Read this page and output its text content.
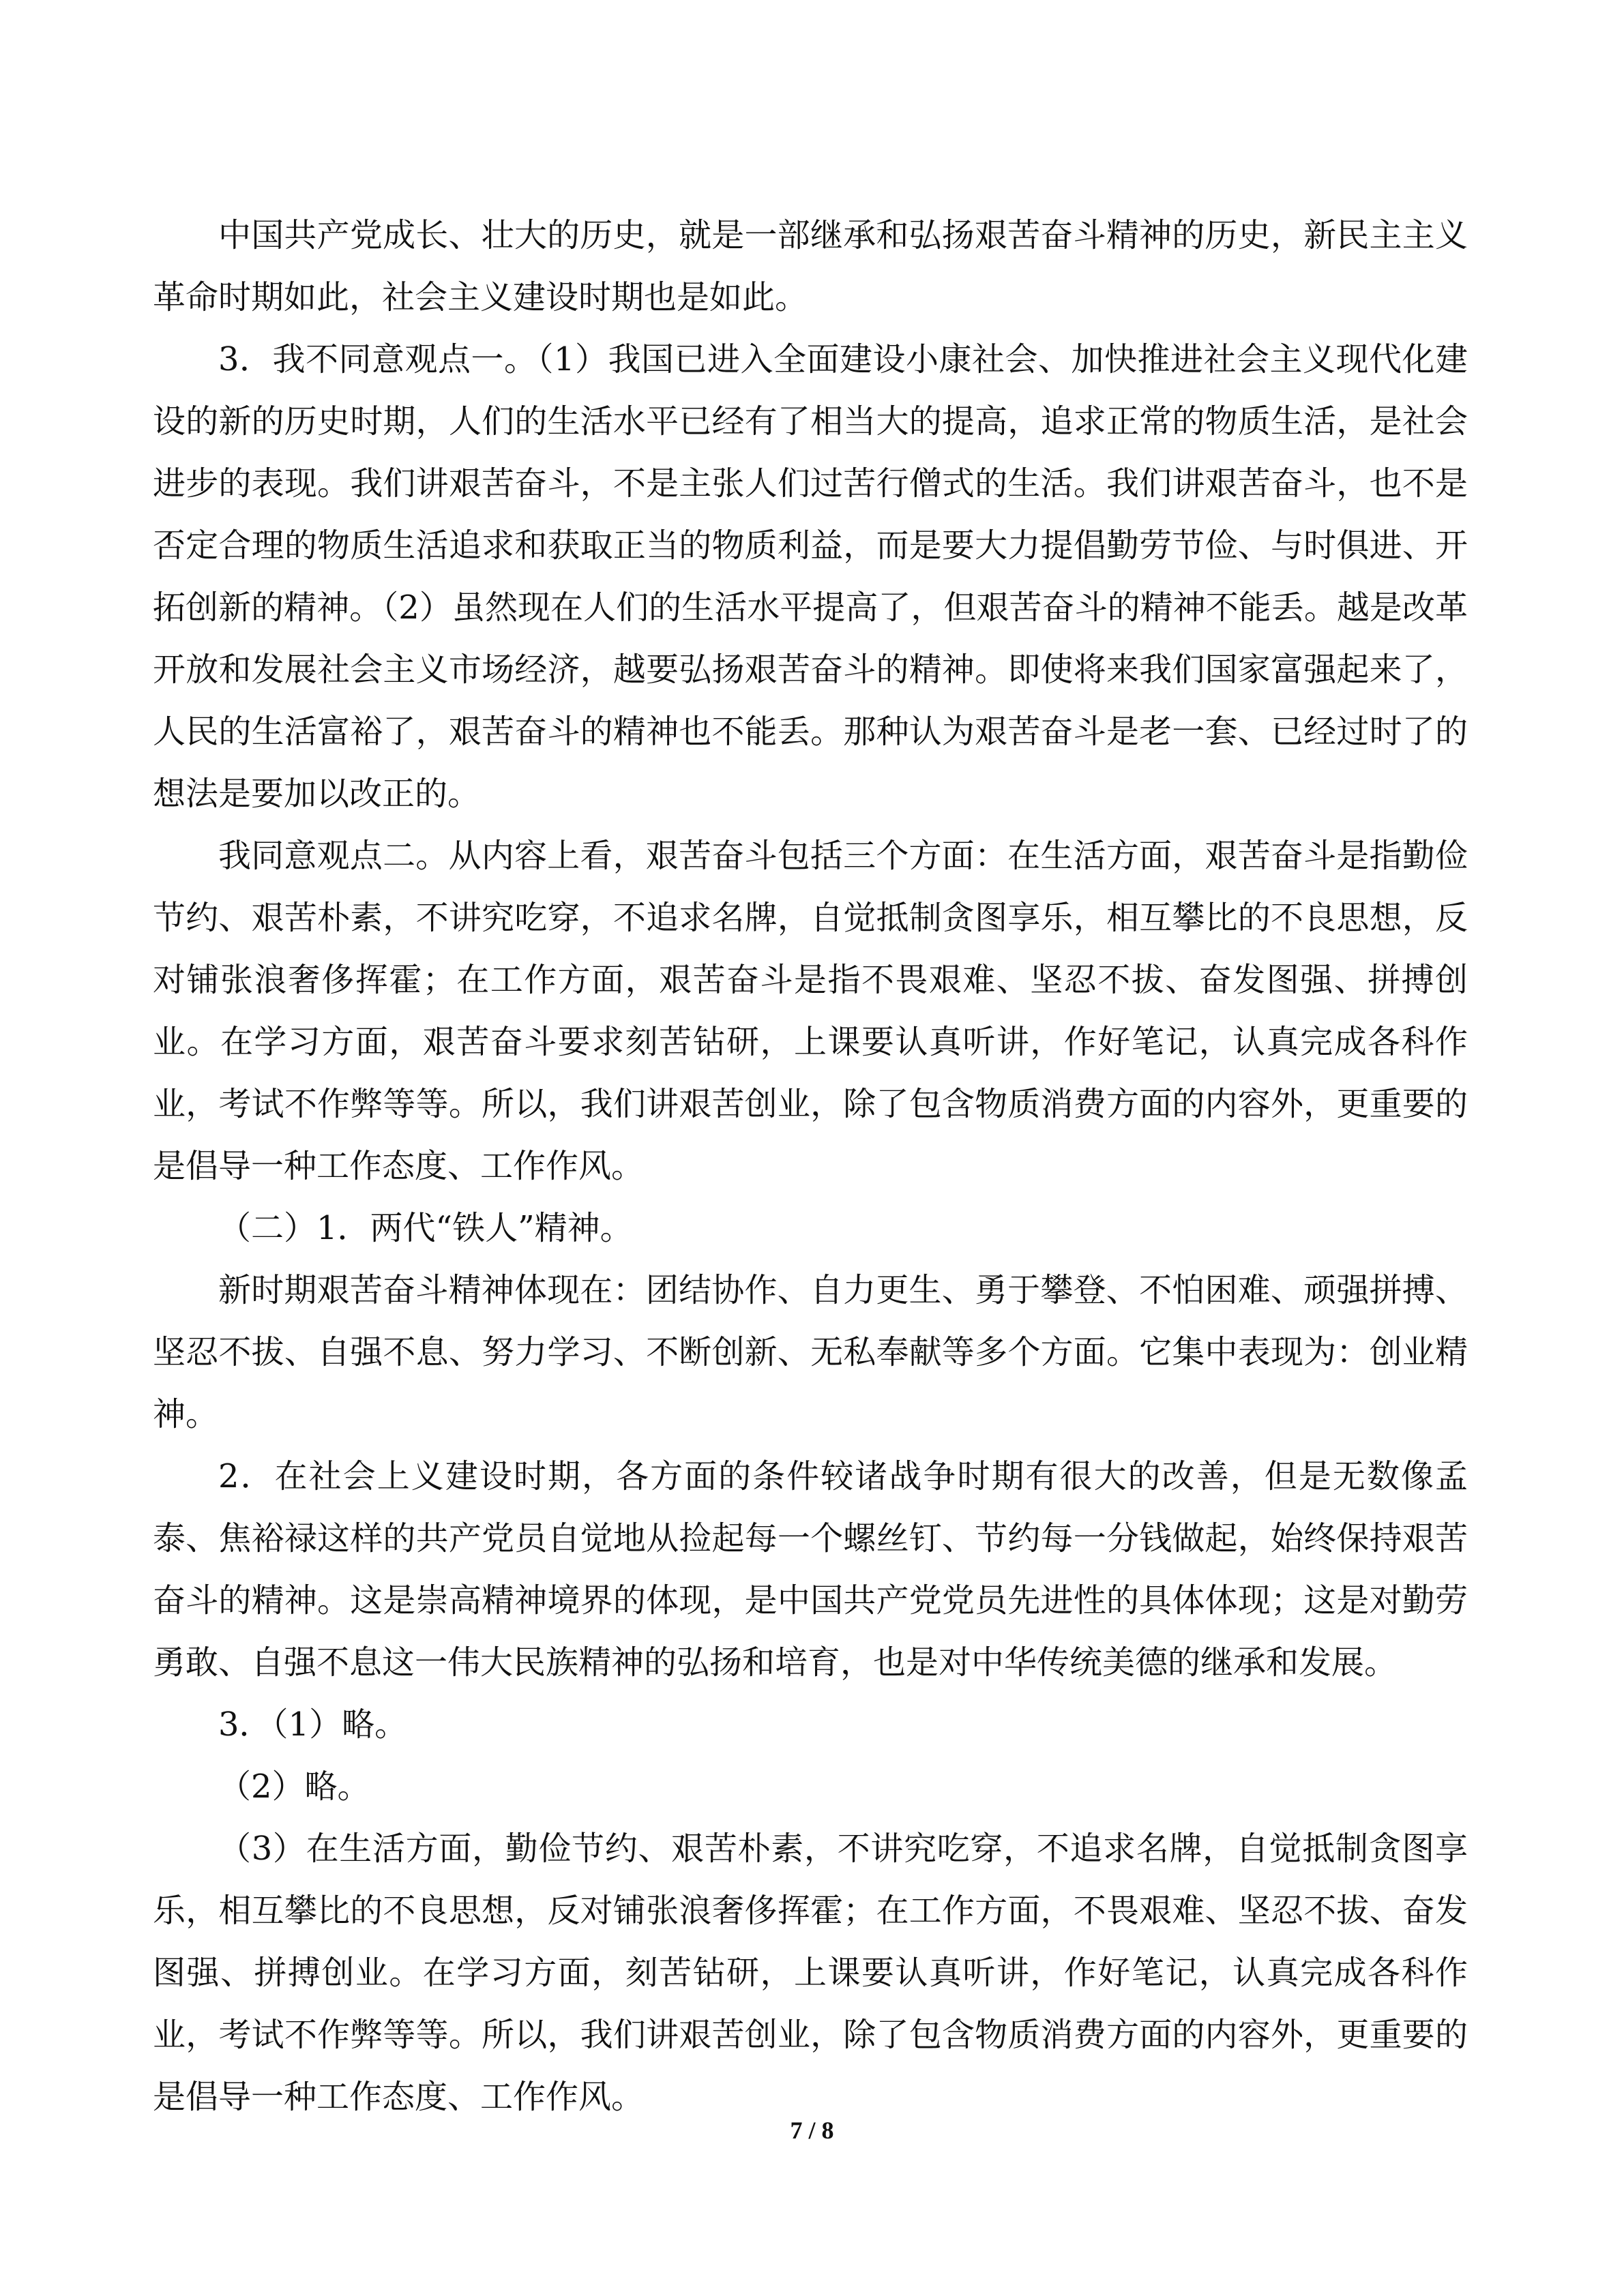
中国共产党成长、壮大的历史，就是一部继承和弘扬艰苦奋斗精神的历史，新民主主义革命时期如此，社会主义建设时期也是如此。

3．我不同意观点一。（1）我国已进入全面建设小康社会、加快推进社会主义现代化建设的新的历史时期，人们的生活水平已经有了相当大的提高，追求正常的物质生活，是社会进步的表现。我们讲艰苦奋斗，不是主张人们过苦行僧式的生活。我们讲艰苦奋斗，也不是否定合理的物质生活追求和获取正当的物质利益，而是要大力提倡勤劳节俭、与时俱进、开拓创新的精神。（2）虽然现在人们的生活水平提高了，但艰苦奋斗的精神不能丢。越是改革开放和发展社会主义市场经济，越要弘扬艰苦奋斗的精神。即使将来我们国家富强起来了，人民的生活富裕了，艰苦奋斗的精神也不能丢。那种认为艰苦奋斗是老一套、已经过时了的想法是要加以改正的。

我同意观点二。从内容上看，艰苦奋斗包括三个方面：在生活方面，艰苦奋斗是指勤俭节约、艰苦朴素，不讲究吃穿，不追求名牌，自觉抵制贪图享乐，相互攀比的不良思想，反对铺张浪奢侈挥霍；在工作方面，艰苦奋斗是指不畏艰难、坚忍不拔、奋发图强、拼搏创业。在学习方面，艰苦奋斗要求刻苦钻研，上课要认真听讲，作好笔记，认真完成各科作业，考试不作弊等等。所以，我们讲艰苦创业，除了包含物质消费方面的内容外，更重要的是倡导一种工作态度、工作作风。

（二）1．两代“铁人”精神。

新时期艰苦奋斗精神体现在：团结协作、自力更生、勇于攀登、不怕困难、顽强拼搏、坚忍不拔、自强不息、努力学习、不断创新、无私奉献等多个方面。它集中表现为：创业精神。

2．在社会上义建设时期，各方面的条件较诸战争时期有很大的改善，但是无数像孟泰、焦裕禄这样的共产党员自觉地从捡起每一个螺丝钉、节约每一分钱做起，始终保持艰苦奋斗的精神。这是崇高精神境界的体现，是中国共产党党员先进性的具体体现；这是对勤劳勇敢、自强不息这一伟大民族精神的弘扬和培育，也是对中华传统美德的继承和发展。

3．（1）略。

（2）略。

（3）在生活方面，勤俭节约、艰苦朴素，不讲究吃穿，不追求名牌，自觉抵制贪图享乐，相互攀比的不良思想，反对铺张浪奢侈挥霍；在工作方面，不畏艰难、坚忍不拔、奋发图强、拼搏创业。在学习方面，刻苦钻研，上课要认真听讲，作好笔记，认真完成各科作业，考试不作弊等等。所以，我们讲艰苦创业，除了包含物质消费方面的内容外，更重要的是倡导一种工作态度、工作作风。

7 / 8
